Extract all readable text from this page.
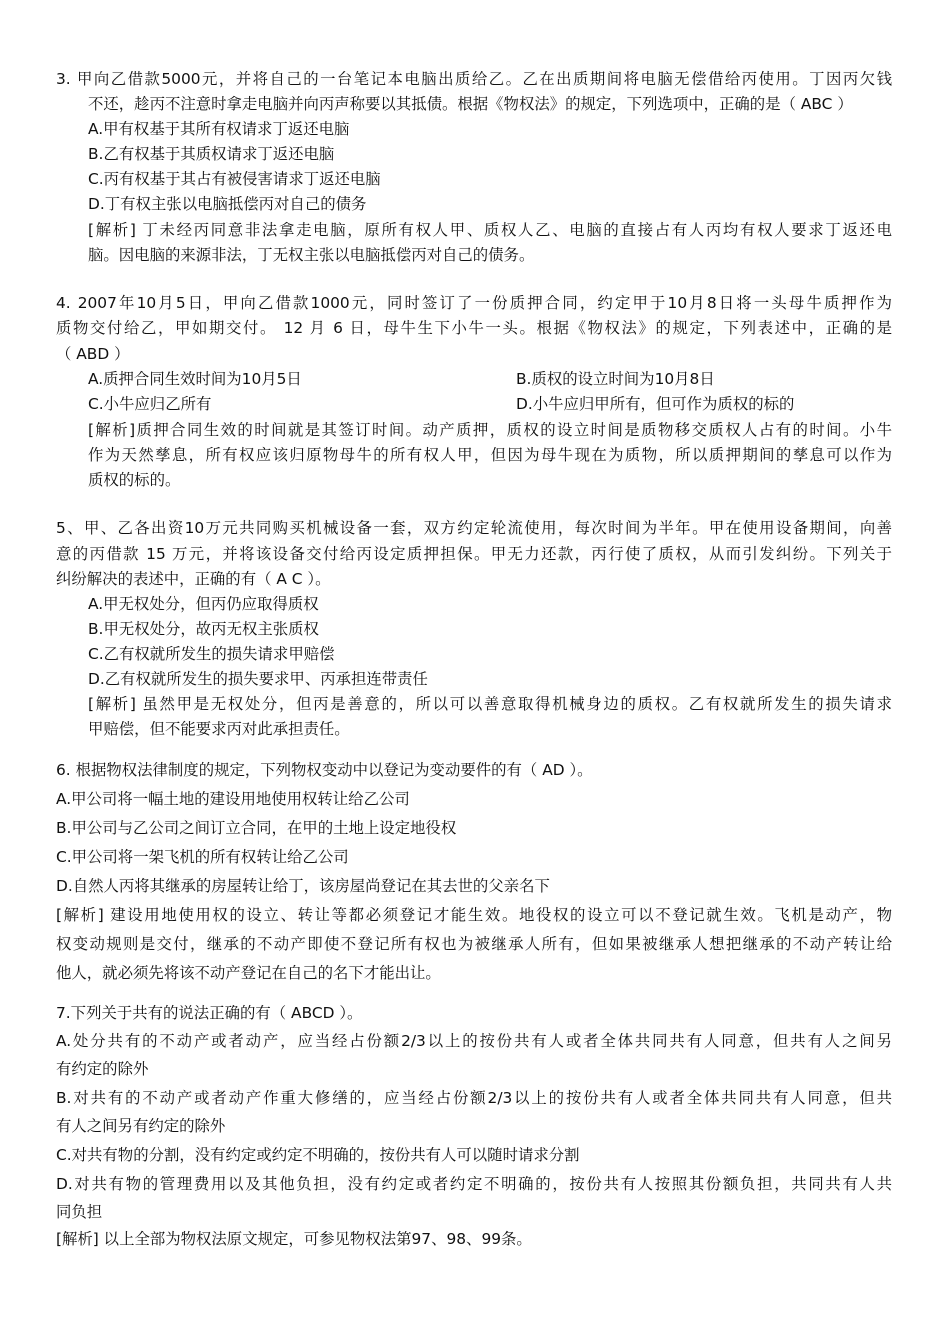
3. 甲向乙借款5000元，并将自己的一台笔记本电脑出质给乙。乙在出质期间将电脑无偿借给丙使用。丁因丙欠钱
不还，趁丙不注意时拿走电脑并向丙声称要以其抵债。根据《物权法》的规定，下列选项中，正确的是（ ABC ）
A.甲有权基于其所有权请求丁返还电脑
B.乙有权基于其质权请求丁返还电脑
C.丙有权基于其占有被侵害请求丁返还电脑
D.丁有权主张以电脑抵偿丙对自己的债务
[解析] 丁未经丙同意非法拿走电脑，原所有权人甲、质权人乙、电脑的直接占有人丙均有权人要求丁返还电
脑。因电脑的来源非法，丁无权主张以电脑抵偿丙对自己的债务。
4. 2007年10月5日，甲向乙借款1000元，同时签订了一份质押合同，约定甲于10月8日将一头母牛质押作为
质物交付给乙，甲如期交付。 12 月 6 日，母牛生下小牛一头。根据《物权法》的规定，下列表述中，正确的是
（ ABD ）
A.质押合同生效时间为10月5日	B.质权的设立时间为10月8日
C.小牛应归乙所有	D.小牛应归甲所有，但可作为质权的标的
[解析]质押合同生效的时间就是其签订时间。动产质押，质权的设立时间是质物移交质权人占有的时间。小牛
作为天然孳息，所有权应该归原物母牛的所有权人甲，但因为母牛现在为质物，所以质押期间的孳息可以作为
质权的标的。
5、甲、乙各出资10万元共同购买机械设备一套，双方约定轮流使用，每次时间为半年。甲在使用设备期间，向善
意的丙借款 15 万元，并将该设备交付给丙设定质押担保。甲无力还款，丙行使了质权，从而引发纠纷。下列关于
纠纷解决的表述中，正确的有（ A C ）。
A.甲无权处分，但丙仍应取得质权
B.甲无权处分，故丙无权主张质权
C.乙有权就所发生的损失请求甲赔偿
D.乙有权就所发生的损失要求甲、丙承担连带责任
[解析] 虽然甲是无权处分，但丙是善意的，所以可以善意取得机械身边的质权。乙有权就所发生的损失请求
甲赔偿，但不能要求丙对此承担责任。
6. 根据物权法律制度的规定，下列物权变动中以登记为变动要件的有（ AD ）。
A.甲公司将一幅土地的建设用地使用权转让给乙公司
B.甲公司与乙公司之间订立合同，在甲的土地上设定地役权
C.甲公司将一架飞机的所有权转让给乙公司
D.自然人丙将其继承的房屋转让给丁，该房屋尚登记在其去世的父亲名下
[解析] 建设用地使用权的设立、转让等都必须登记才能生效。地役权的设立可以不登记就生效。飞机是动产，物
权变动规则是交付，继承的不动产即使不登记所有权也为被继承人所有，但如果被继承人想把继承的不动产转让给
他人，就必须先将该不动产登记在自己的名下才能出让。
7.下列关于共有的说法正确的有（ ABCD ）。
A.处分共有的不动产或者动产，应当经占份额2/3以上的按份共有人或者全体共同共有人同意，但共有人之间另
有约定的除外
B.对共有的不动产或者动产作重大修缮的，应当经占份额2/3以上的按份共有人或者全体共同共有人同意，但共
有人之间另有约定的除外
C.对共有物的分割，没有约定或约定不明确的，按份共有人可以随时请求分割
D.对共有物的管理费用以及其他负担，没有约定或者约定不明确的，按份共有人按照其份额负担，共同共有人共
同负担
[解析] 以上全部为物权法原文规定，可参见物权法第97、98、99条。
